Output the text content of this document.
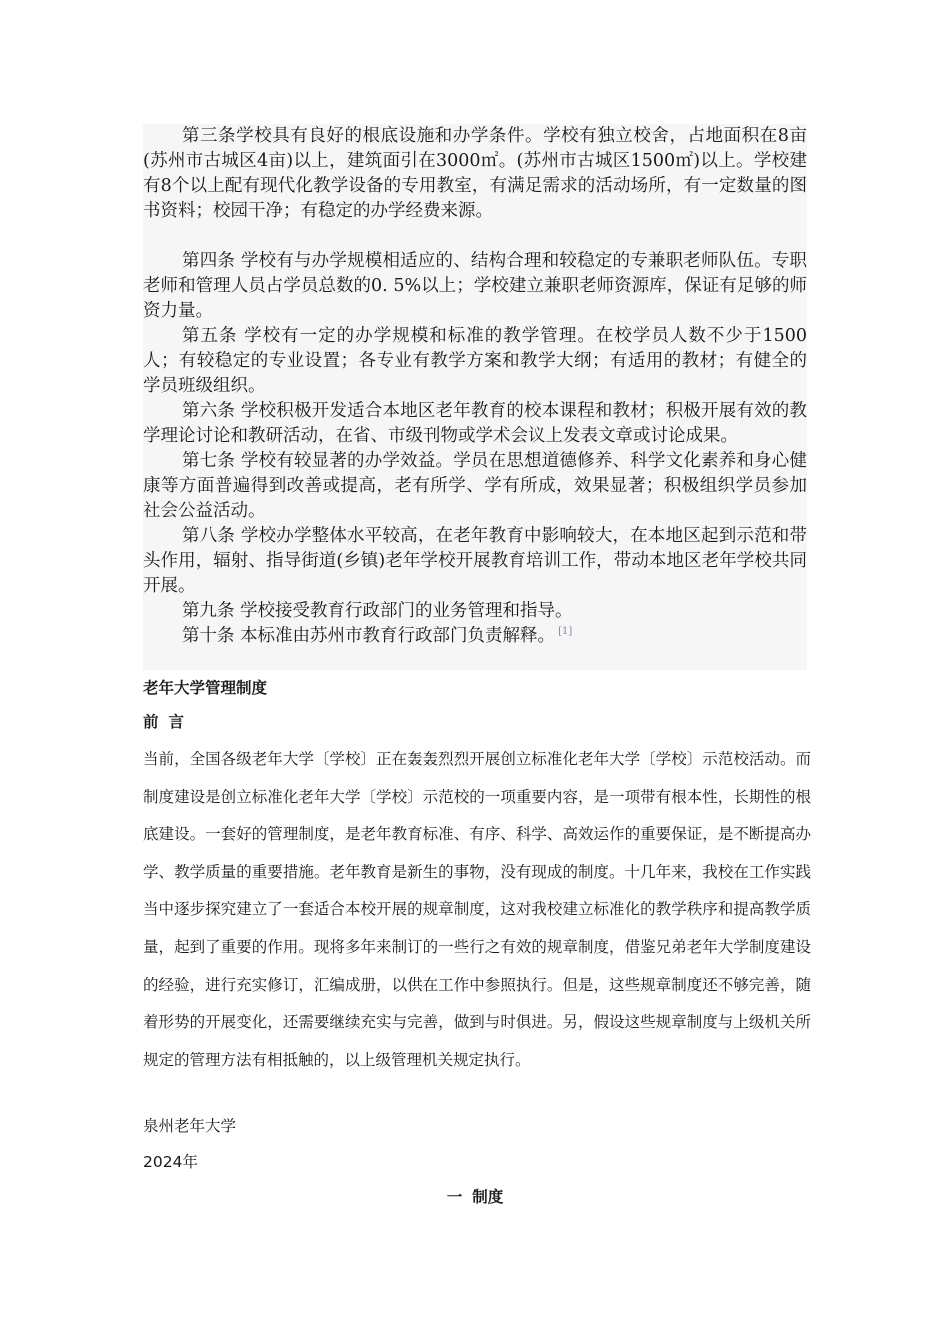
第三条学校具有良好的根底设施和办学条件。学校有独立校舍，占地面积在8亩(苏州市古城区4亩)以上，建筑面引在3000㎡。(苏州市古城区1500㎡)以上。学校建有8个以上配有现代化教学设备的专用教室，有满足需求的活动场所，有一定数量的图书资料；校园干净；有稳定的办学经费来源。

第四条 学校有与办学规模相适应的、结构合理和较稳定的专兼职老师队伍。专职老师和管理人员占学员总数的0. 5%以上；学校建立兼职老师资源库，保证有足够的师资力量。

第五条 学校有一定的办学规模和标准的教学管理。在校学员人数不少于1500人；有较稳定的专业设置；各专业有教学方案和教学大纲；有适用的教材；有健全的学员班级组织。

第六条 学校积极开发适合本地区老年教育的校本课程和教材；积极开展有效的教学理论讨论和教研活动，在省、市级刊物或学术会议上发表文章或讨论成果。

第七条 学校有较显著的办学效益。学员在思想道德修养、科学文化素养和身心健康等方面普遍得到改善或提高，老有所学、学有所成，效果显著；积极组织学员参加社会公益活动。

第八条 学校办学整体水平较高，在老年教育中影响较大，在本地区起到示范和带头作用，辐射、指导街道(乡镇)老年学校开展教育培训工作，带动本地区老年学校共同开展。

第九条 学校接受教育行政部门的业务管理和指导。

第十条 本标准由苏州市教育行政部门负责解释。 [1]

老年大学管理制度
前 言

当前，全国各级老年大学〔学校〕正在轰轰烈烈开展创立标准化老年大学〔学校〕示范校活动。而制度建设是创立标准化老年大学〔学校〕示范校的一项重要内容，是一项带有根本性，长期性的根底建设。一套好的管理制度，是老年教育标准、有序、科学、高效运作的重要保证，是不断提高办学、教学质量的重要措施。老年教育是新生的事物，没有现成的制度。十几年来，我校在工作实践当中逐步探究建立了一套适合本校开展的规章制度，这对我校建立标准化的教学秩序和提高教学质量，起到了重要的作用。现将多年来制订的一些行之有效的规章制度，借鉴兄弟老年大学制度建设的经验，进行充实修订，汇编成册，以供在工作中参照执行。但是，这些规章制度还不够完善，随着形势的开展变化，还需要继续充实与完善，做到与时俱进。另，假设这些规章制度与上级机关所规定的管理方法有相抵触的，以上级管理机关规定执行。

泉州老年大学
2024年
一 制度
